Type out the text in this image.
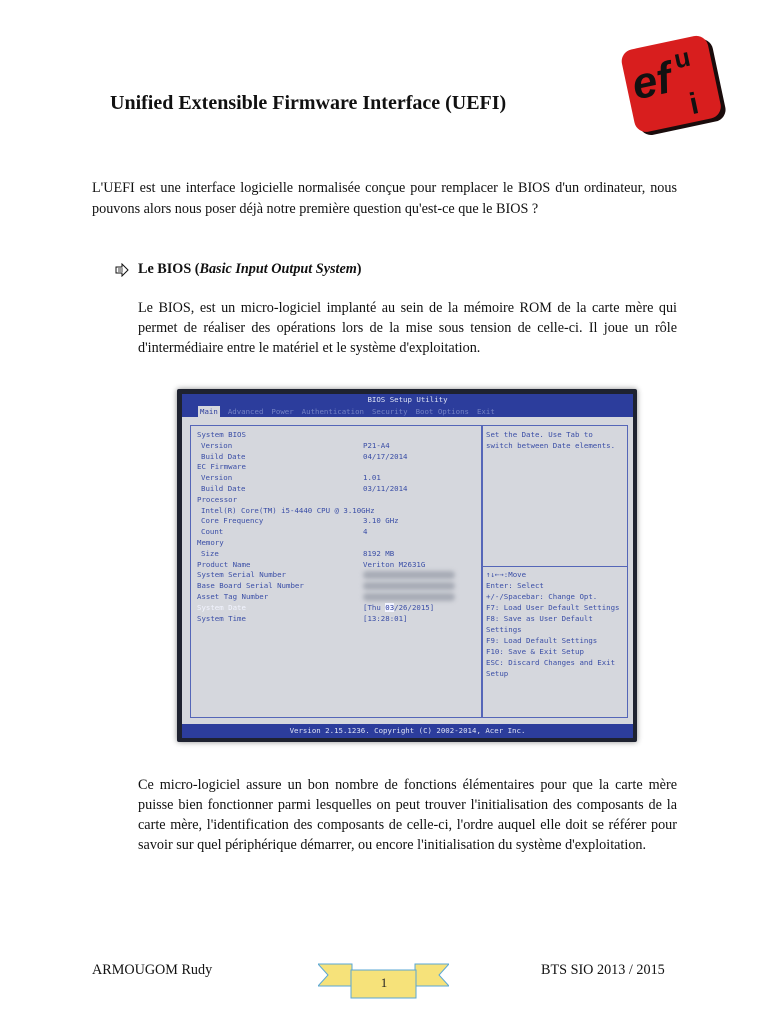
Unified Extensible Firmware Interface (UEFI)	ef
u
i
L'UEFI est une interface logicielle normalisée conçue pour remplacer le BIOS d'un ordinateur, nous pouvons alors nous poser déjà notre première question qu'est-ce que le BIOS ?
Le BIOS (Basic Input Output System)
Le BIOS, est un micro-logiciel implanté au sein de la mémoire ROM de la carte mère qui permet de réaliser des opérations lors de la mise sous tension de celle-ci. Il joue un rôle d'intermédiaire entre le matériel et le système d'exploitation.
BIOS Setup Utility
Main Advanced Power Authentication Security Boot Options Exit
System BIOS
Version	P21-A4
Build Date	04/17/2014
EC Firmware
Version	1.01
Build Date	03/11/2014
Processor
Intel(R) Core(TM) i5-4440 CPU @ 3.10GHz
Core Frequency	3.10 GHz
Count	4
Memory
Size	8192 MB
Product Name	Veriton M2631G
System Serial Number
Base Board Serial Number
Asset Tag Number
System Date	[Thu 03/26/2015]
System Time	[13:28:01]
Set the Date. Use Tab to
switch between Date elements.
↑↓←→:Move
Enter: Select
+/-/Spacebar: Change Opt.
F7: Load User Default Settings
F8: Save as User Default
Settings
F9: Load Default Settings
F10: Save & Exit Setup
ESC: Discard Changes and Exit
Setup
Version 2.15.1236. Copyright (C) 2002-2014, Acer Inc.
Ce micro-logiciel assure un bon nombre de fonctions élémentaires pour que la carte mère puisse bien fonctionner parmi lesquelles on peut trouver l'initialisation des composants de la carte mère, l'identification des composants de celle-ci, l'ordre auquel elle doit se référer pour savoir sur quel périphérique démarrer, ou encore l'initialisation du système d'exploitation.
ARMOUGOM Rudy
1
BTS SIO 2013 / 2015
